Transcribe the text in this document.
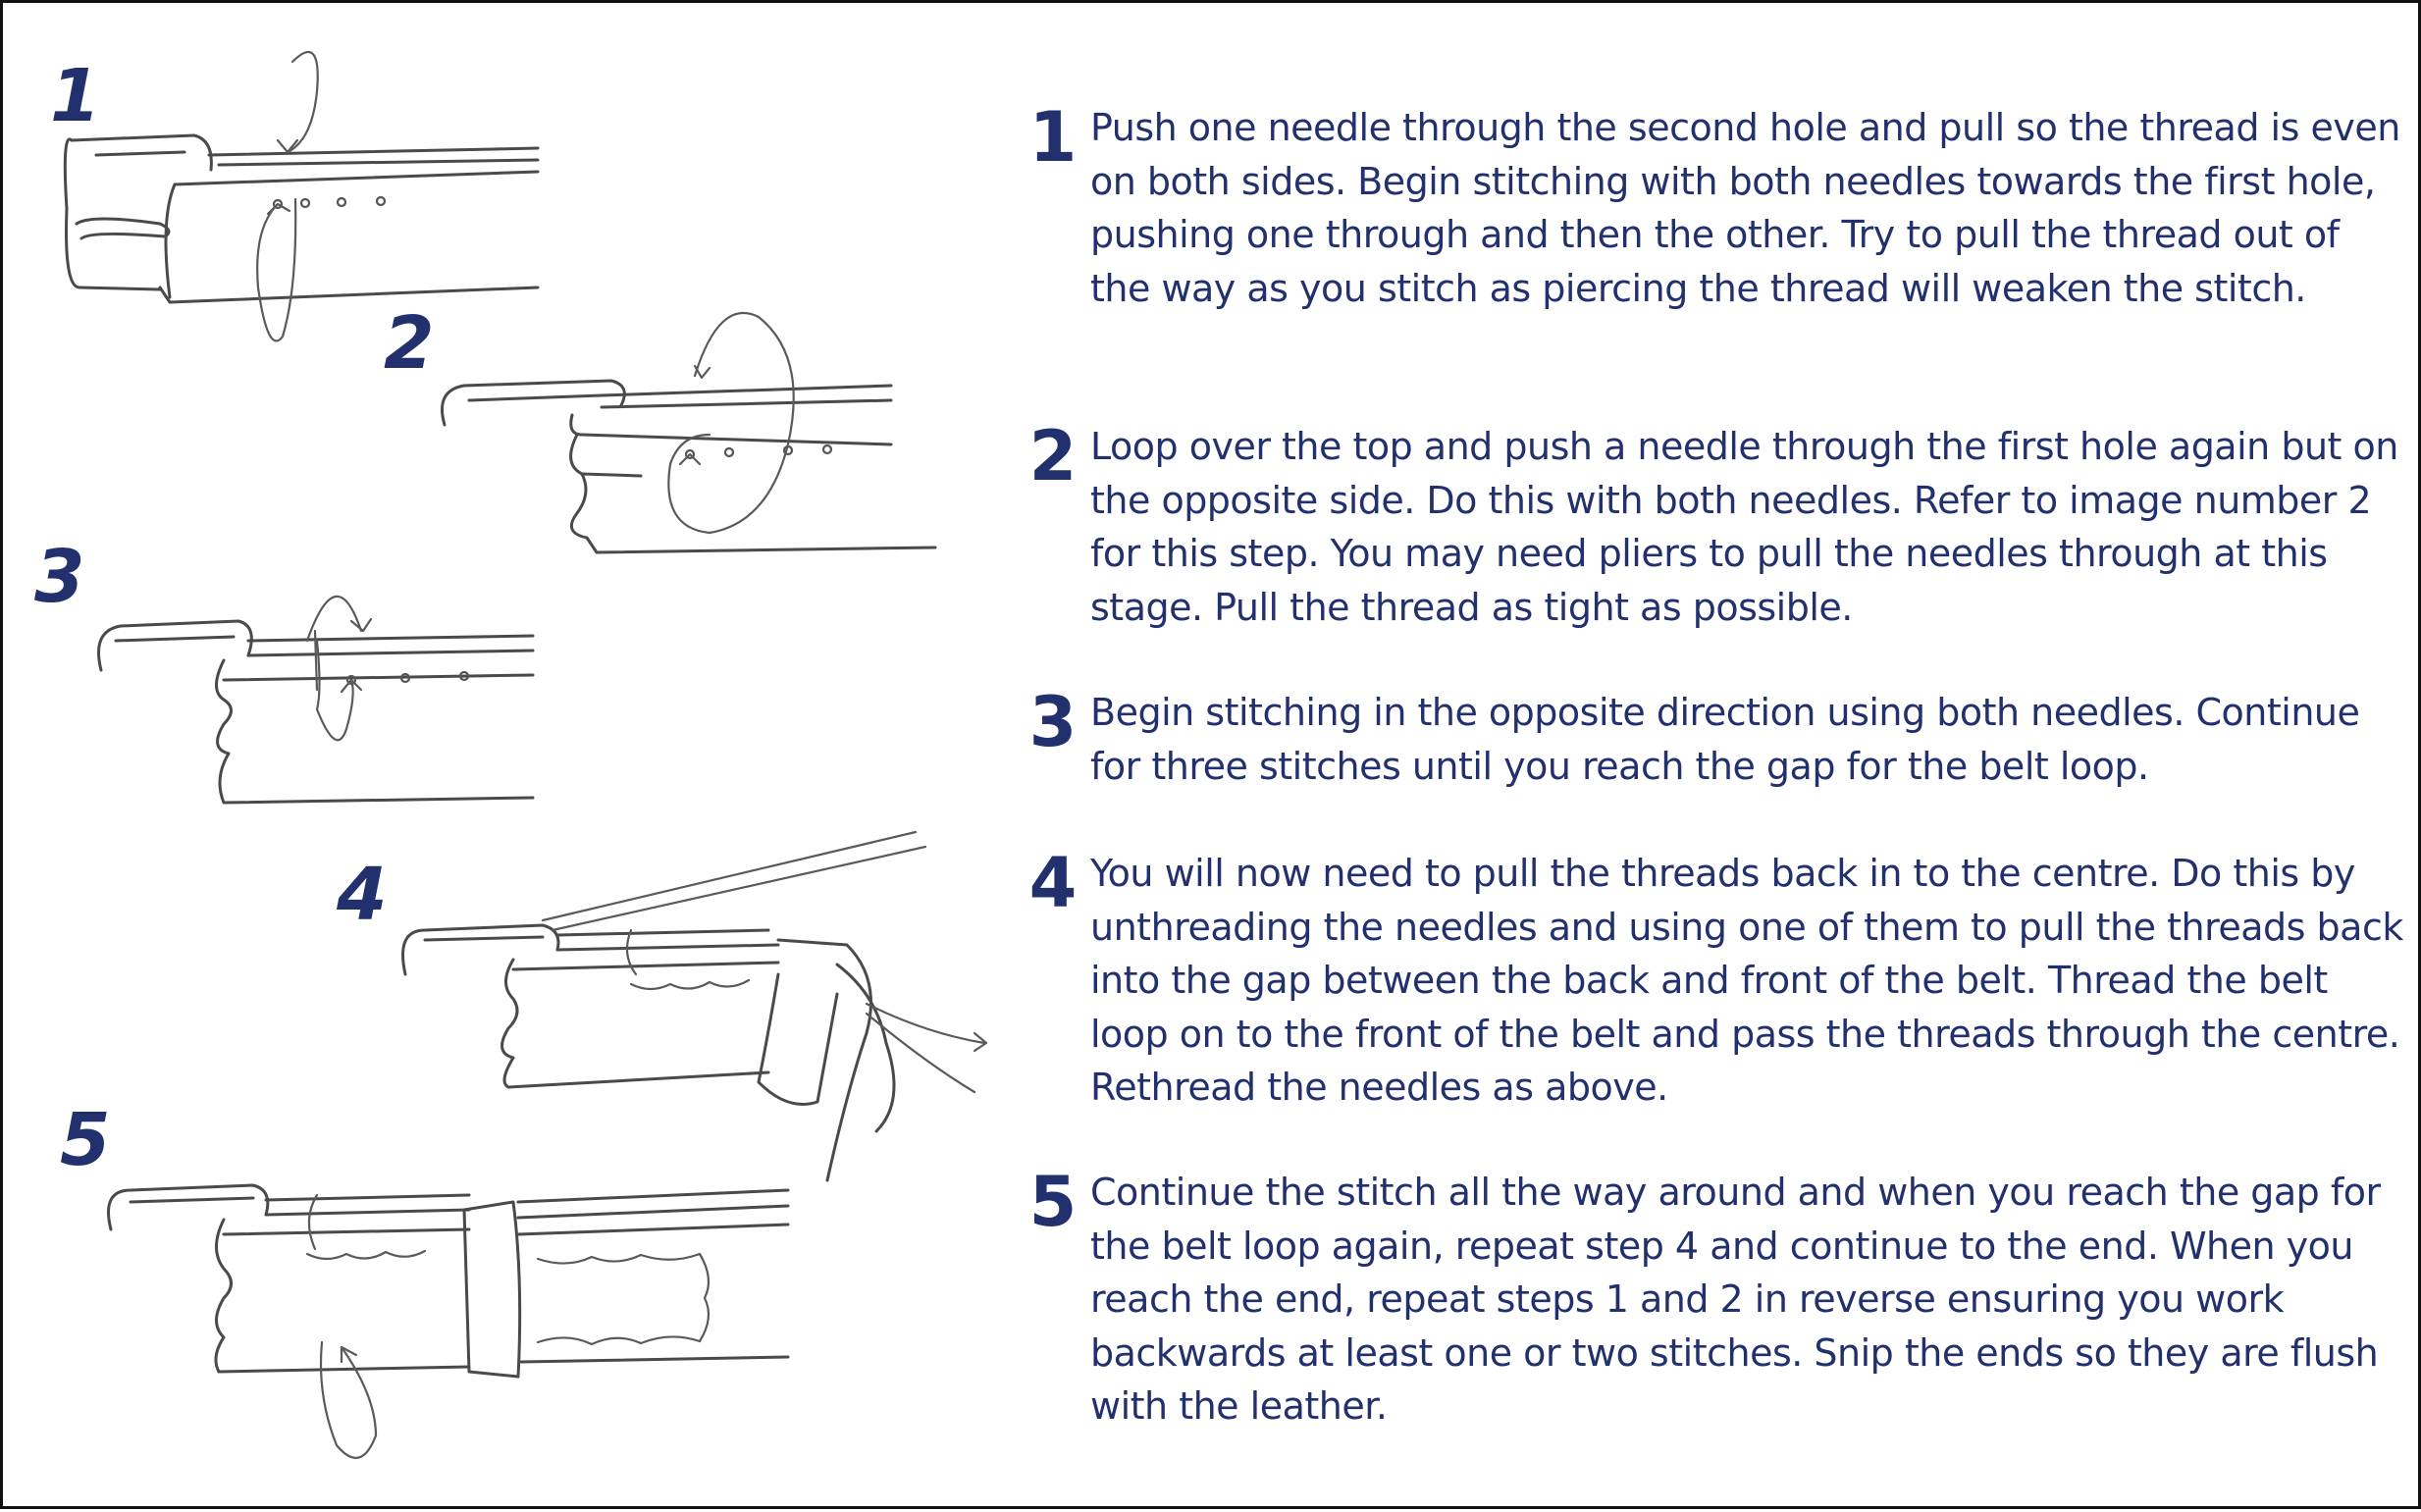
1
2
3
4
5
1 Push one needle through the second hole and pull so the thread is even on both sides. Begin stitching with both needles towards the first hole, pushing one through and then the other. Try to pull the thread out of the way as you stitch as piercing the thread will weaken the stitch.
2 Loop over the top and push a needle through the first hole again but on the opposite side. Do this with both needles. Refer to image number 2 for this step. You may need pliers to pull the needles through at this stage. Pull the thread as tight as possible.
3 Begin stitching in the opposite direction using both needles. Continue for three stitches until you reach the gap for the belt loop.
4 You will now need to pull the threads back in to the centre. Do this by unthreading the needles and using one of them to pull the threads back into the gap between the back and front of the belt. Thread the belt loop on to the front of the belt and pass the threads through the centre. Rethread the needles as above.
5 Continue the stitch all the way around and when you reach the gap for the belt loop again, repeat step 4 and continue to the end. When you reach the end, repeat steps 1 and 2 in reverse ensuring you work backwards at least one or two stitches. Snip the ends so they are flush with the leather.
